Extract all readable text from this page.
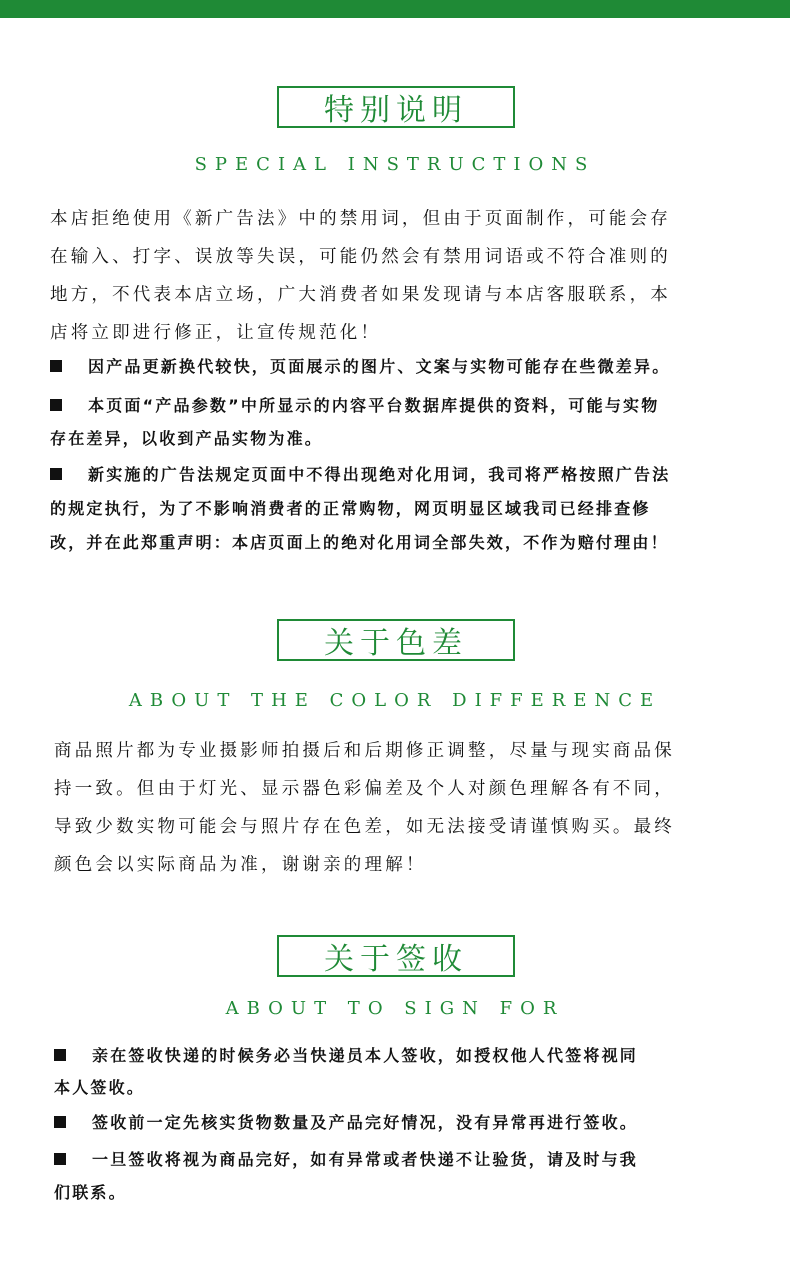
特别说明
SPECIAL INSTRUCTIONS

本店拒绝使用《新广告法》中的禁用词，但由于页面制作，可能会存
在输入、打字、误放等失误，可能仍然会有禁用词语或不符合准则的
地方，不代表本店立场，广大消费者如果发现请与本店客服联系，本
店将立即进行修正，让宣传规范化！

因产品更新换代较快，页面展示的图片、文案与实物可能存在些微差异。
本页面“产品参数”中所显示的内容平台数据库提供的资料，可能与实物
存在差异，以收到产品实物为准。
新实施的广告法规定页面中不得出现绝对化用词，我司将严格按照广告法
的规定执行，为了不影响消费者的正常购物，网页明显区域我司已经排查修
改，并在此郑重声明：本店页面上的绝对化用词全部失效，不作为赔付理由！
关于色差
ABOUT THE COLOR DIFFERENCE

商品照片都为专业摄影师拍摄后和后期修正调整，尽量与现实商品保
持一致。但由于灯光、显示器色彩偏差及个人对颜色理解各有不同，
导致少数实物可能会与照片存在色差，如无法接受请谨慎购买。最终
颜色会以实际商品为准，谢谢亲的理解！

关于签收
ABOUT TO SIGN FOR
亲在签收快递的时候务必当快递员本人签收，如授权他人代签将视同
本人签收。
签收前一定先核实货物数量及产品完好情况，没有异常再进行签收。
一旦签收将视为商品完好，如有异常或者快递不让验货，请及时与我
们联系。
